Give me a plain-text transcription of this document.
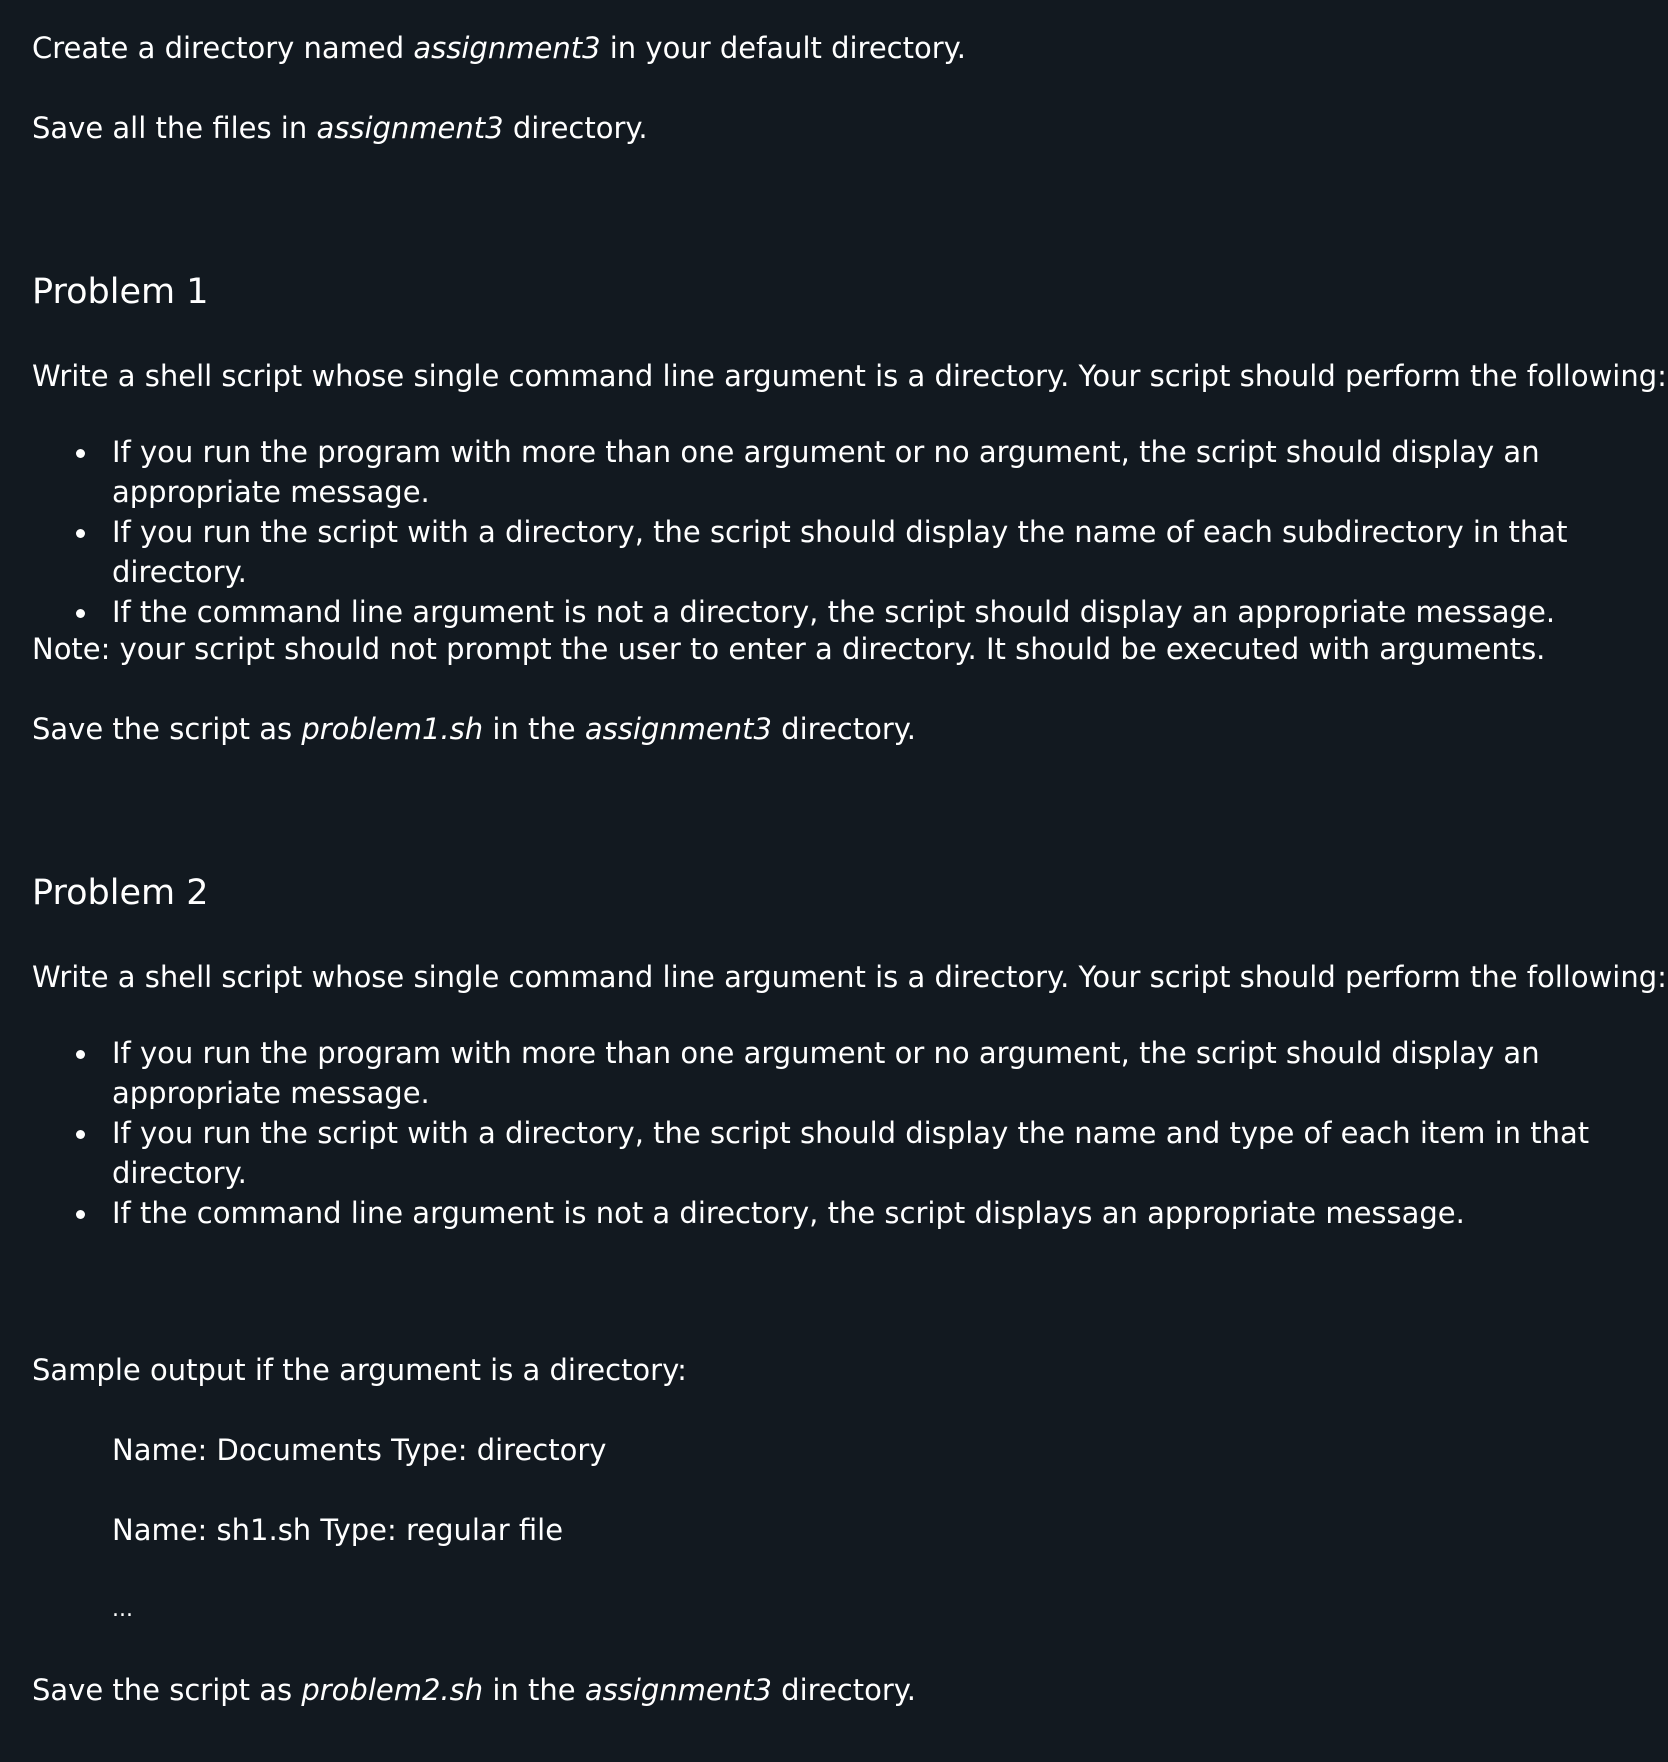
Create a directory named assignment3 in your default directory.
Save all the files in assignment3 directory.
Problem 1
Write a shell script whose single command line argument is a directory. Your script should perform the following:
If you run the program with more than one argument or no argument, the script should display an appropriate message.
If you run the script with a directory, the script should display the name of each subdirectory in that directory.
If the command line argument is not a directory, the script should display an appropriate message.
Note: your script should not prompt the user to enter a directory. It should be executed with arguments.
Save the script as problem1.sh in the assignment3 directory.
Problem 2
Write a shell script whose single command line argument is a directory. Your script should perform the following:
If you run the program with more than one argument or no argument, the script should display an appropriate message.
If you run the script with a directory, the script should display the name and type of each item in that directory.
If the command line argument is not a directory, the script displays an appropriate message.
Sample output if the argument is a directory:
Name: Documents Type: directory
Name: sh1.sh Type: regular file
...
Save the script as problem2.sh in the assignment3 directory.
